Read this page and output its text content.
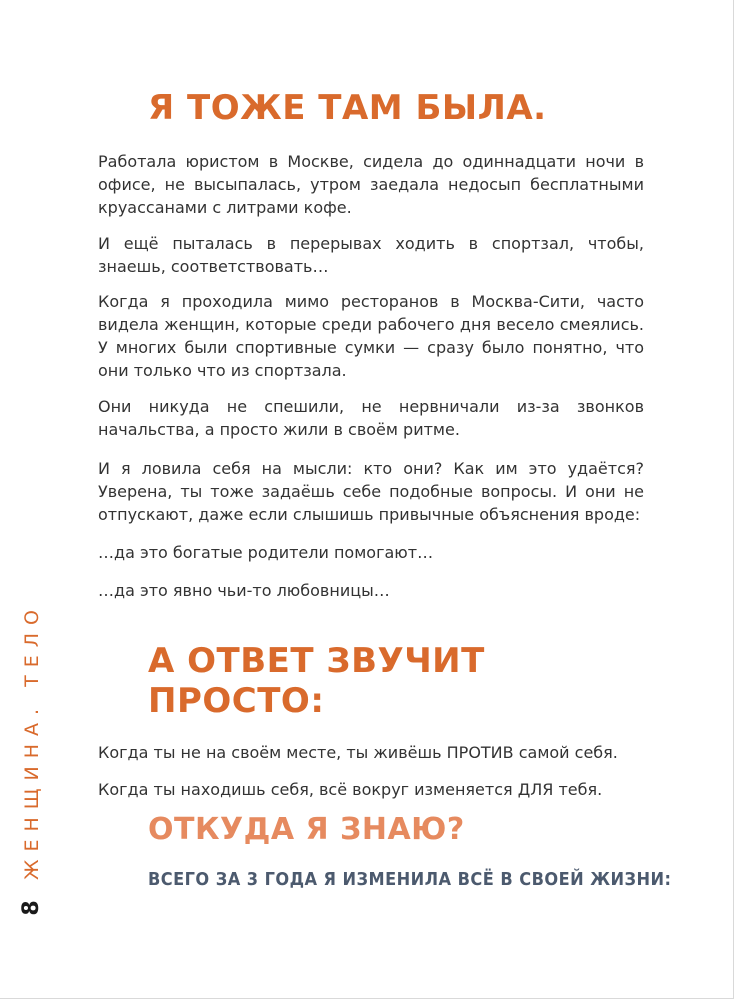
Я ТОЖЕ ТАМ БЫЛА.

Работала юристом в Москве, сидела до одиннадцати ночи в офисе, не высыпалась, утром заедала недосып бесплатными круассанами с литрами кофе.

И ещё пыталась в перерывах ходить в спортзал, чтобы, знаешь, соответствовать…

Когда я проходила мимо ресторанов в Москва-Сити, часто видела женщин, которые среди рабочего дня весело смеялись. У многих были спортивные сумки — сразу было понятно, что они только что из спортзала.

Они никуда не спешили, не нервничали из-за звонков начальства, а просто жили в своём ритме.

И я ловила себя на мысли: кто они? Как им это удаётся? Уверена, ты тоже задаёшь себе подобные вопросы. И они не отпускают, даже если слышишь привычные объяснения вроде:

…да это богатые родители помогают…

…да это явно чьи-то любовницы…

А ОТВЕТ ЗВУЧИТ ПРОСТО:

Когда ты не на своём месте, ты живёшь ПРОТИВ самой себя.

Когда ты находишь себя, всё вокруг изменяется ДЛЯ тебя.

ОТКУДА Я ЗНАЮ?

ВСЕГО ЗА 3 ГОДА Я ИЗМЕНИЛА ВСЁ В СВОЕЙ ЖИЗНИ:

ЖЕНЩИНА. ТЕЛО
8
